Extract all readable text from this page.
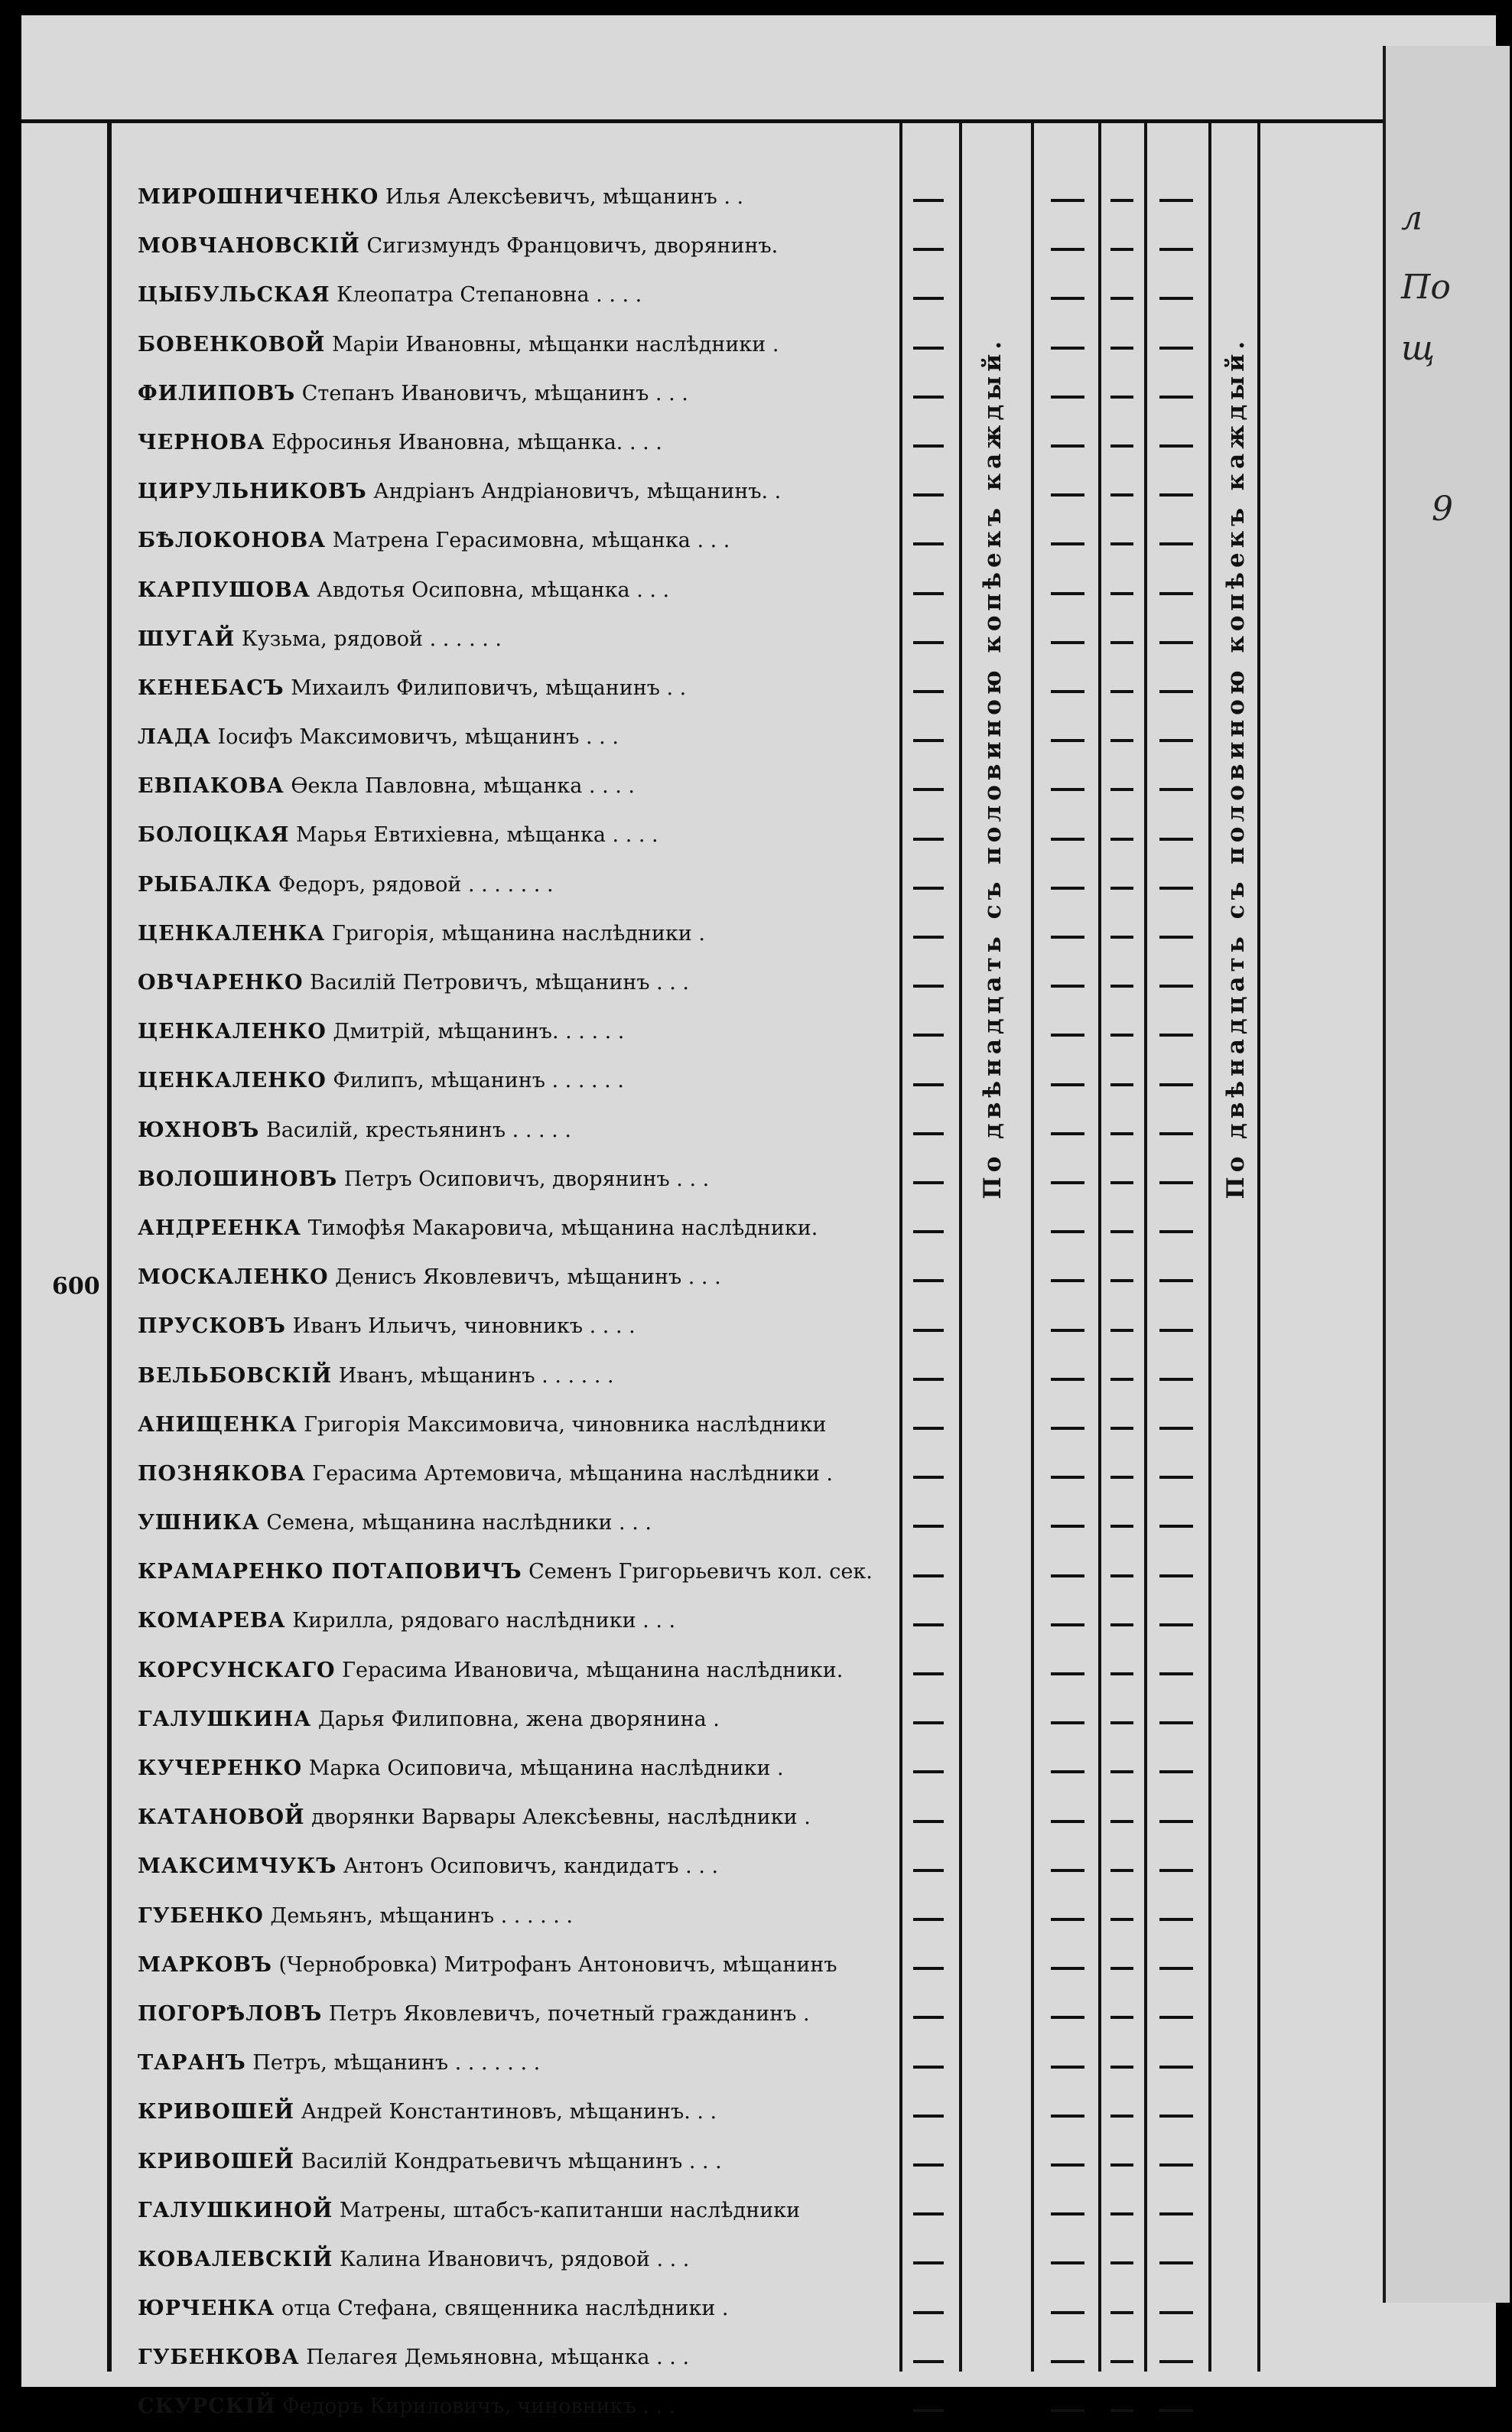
л
По
щ
9
600
МИРОШНИЧЕНКО Илья Алексѣевичъ, мѣщанинъ . .
МОВЧАНОВСКІЙ Сигизмундъ Францовичъ, дворянинъ.
ЦЫБУЛЬСКАЯ Клеопатра Степановна . . . .
БОВЕНКОВОЙ Маріи Ивановны, мѣщанки наслѣдники .
ФИЛИПОВЪ Степанъ Ивановичъ, мѣщанинъ . . .
ЧЕРНОВА Ефросинья Ивановна, мѣщанка. . . .
ЦИРУЛЬНИКОВЪ Андріанъ Андріановичъ, мѣщанинъ. .
БѢЛОКОНОВА Матрена Герасимовна, мѣщанка . . .
КАРПУШОВА Авдотья Осиповна, мѣщанка . . .
ШУГАЙ Кузьма, рядовой . . . . . .
КЕНЕБАСЪ Михаилъ Филиповичъ, мѣщанинъ . .
ЛАДА Іосифъ Максимовичъ, мѣщанинъ . . .
ЕВПАКОВА Өекла Павловна, мѣщанка . . . .
БОЛОЦКАЯ Марья Евтихіевна, мѣщанка . . . .
РЫБАЛКА Федоръ, рядовой . . . . . . .
ЦЕНКАЛЕНКА Григорія, мѣщанина наслѣдники .
ОВЧАРЕНКО Василій Петровичъ, мѣщанинъ . . .
ЦЕНКАЛЕНКО Дмитрій, мѣщанинъ. . . . . .
ЦЕНКАЛЕНКО Филипъ, мѣщанинъ . . . . . .
ЮХНОВЪ Василій, крестьянинъ . . . . .
ВОЛОШИНОВЪ Петръ Осиповичъ, дворянинъ . . .
АНДРЕЕНКА Тимофѣя Макаровича, мѣщанина наслѣдники.
МОСКАЛЕНКО Денисъ Яковлевичъ, мѣщанинъ . . .
ПРУСКОВЪ Иванъ Ильичъ, чиновникъ . . . .
ВЕЛЬБОВСКІЙ Иванъ, мѣщанинъ . . . . . .
АНИЩЕНКА Григорія Максимовича, чиновника наслѣдники
ПОЗНЯКОВА Герасима Артемовича, мѣщанина наслѣдники .
УШНИКА Семена, мѣщанина наслѣдники . . .
КРАМАРЕНКО ПОТАПОВИЧЪ Семенъ Григорьевичъ кол. сек.
КОМАРЕВА Кирилла, рядоваго наслѣдники . . .
КОРСУНСКАГО Герасима Ивановича, мѣщанина наслѣдники.
ГАЛУШКИНА Дарья Филиповна, жена дворянина .
КУЧЕРЕНКО Марка Осиповича, мѣщанина наслѣдники .
КАТАНОВОЙ дворянки Варвары Алексѣевны, наслѣдники .
МАКСИМЧУКЪ Антонъ Осиповичъ, кандидатъ . . .
ГУБЕНКО Демьянъ, мѣщанинъ . . . . . .
МАРКОВЪ (Чернобровка) Митрофанъ Антоновичъ, мѣщанинъ
ПОГОРѢЛОВЪ Петръ Яковлевичъ, почетный гражданинъ .
ТАРАНЪ Петръ, мѣщанинъ . . . . . . .
КРИВОШЕЙ Андрей Константиновъ, мѣщанинъ. . .
КРИВОШЕЙ Василій Кондратьевичъ мѣщанинъ . . .
ГАЛУШКИНОЙ Матрены, штабсъ-капитанши наслѣдники
КОВАЛЕВСКІЙ Калина Ивановичъ, рядовой . . .
ЮРЧЕНКА отца Стефана, священника наслѣдники .
ГУБЕНКОВА Пелагея Демьяновна, мѣщанка . . .
СКУРСКІЙ Федоръ Кириловичъ, чиновникъ . . .
По двѣнадцать съ половиною копѣекъ каждый.	По двѣнадцать съ половиною копѣекъ каждый.
